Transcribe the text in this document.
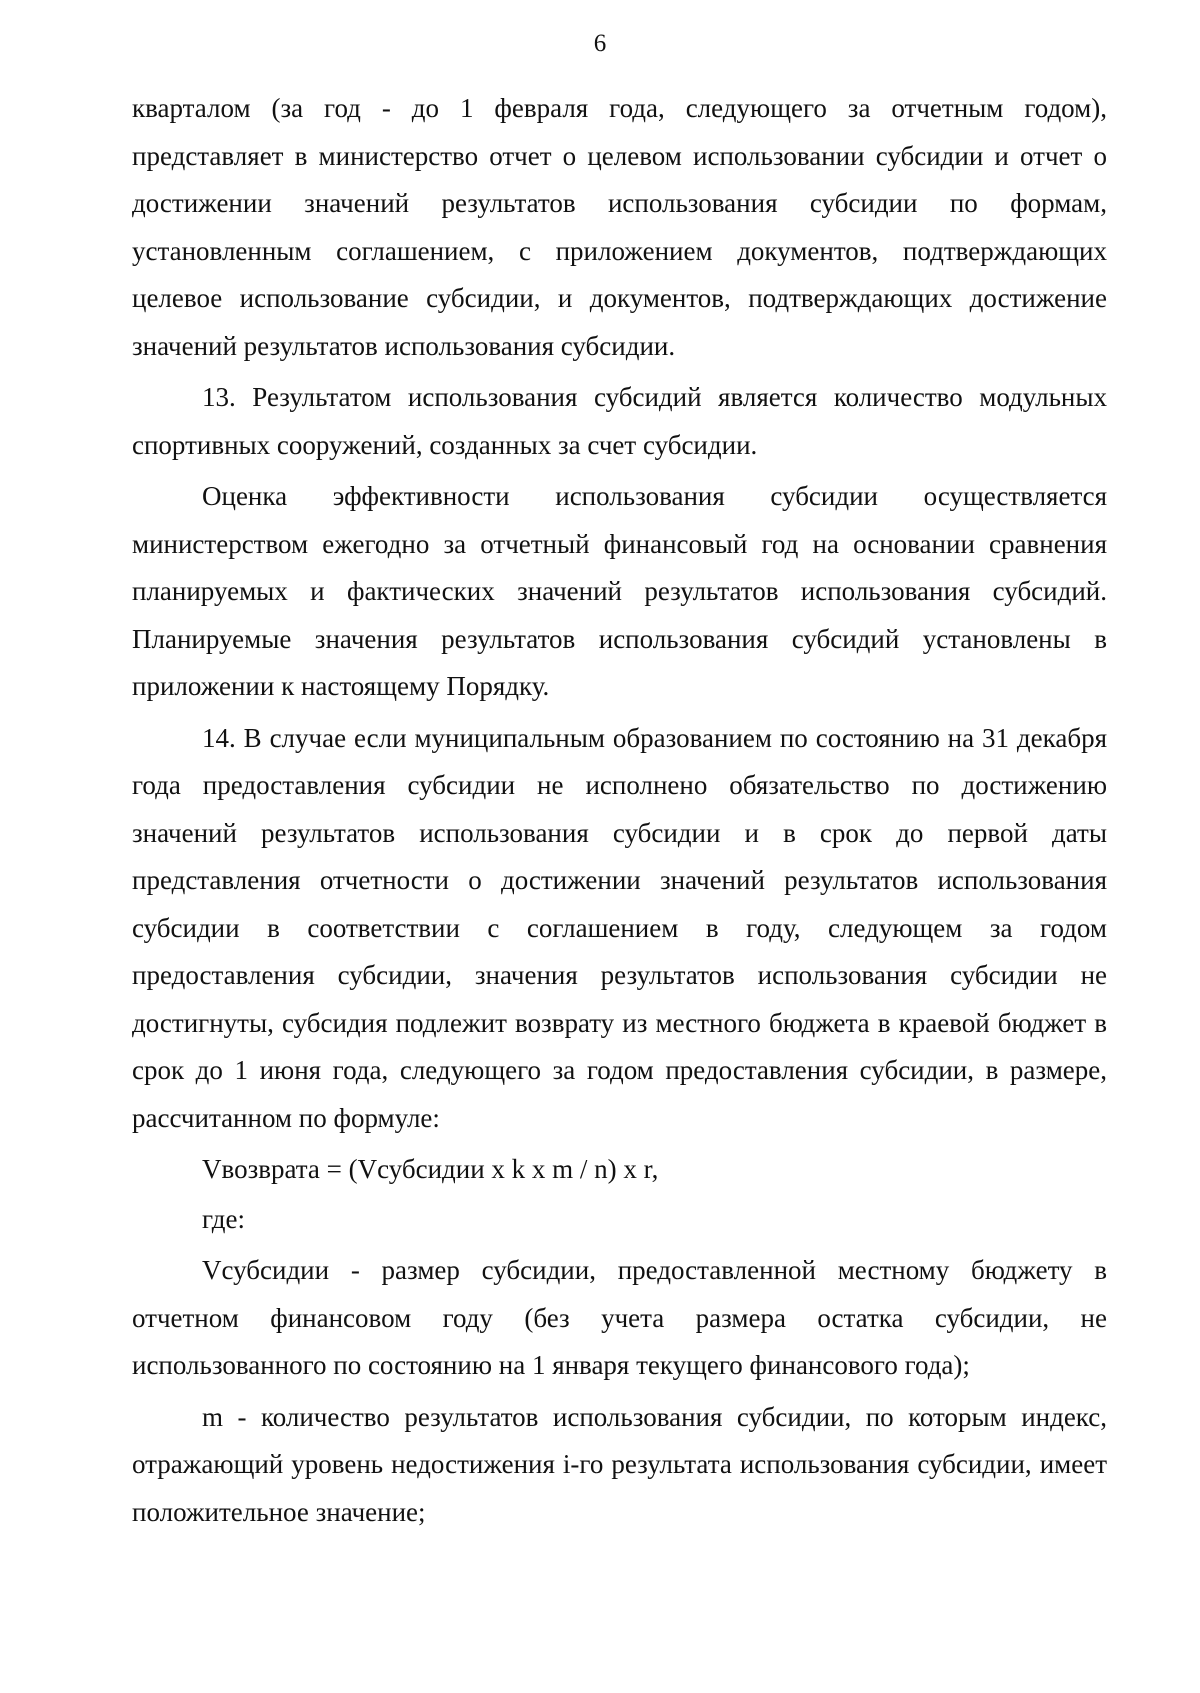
6

кварталом (за год - до 1 февраля года, следующего за отчетным годом), представляет в министерство отчет о целевом использовании субсидии и отчет о достижении значений результатов использования субсидии по формам, установленным соглашением, с приложением документов, подтверждающих целевое использование субсидии, и документов, подтверждающих достижение значений результатов использования субсидии.

13. Результатом использования субсидий является количество модульных спортивных сооружений, созданных за счет субсидии.

Оценка эффективности использования субсидии осуществляется министерством ежегодно за отчетный финансовый год на основании сравнения планируемых и фактических значений результатов использования субсидий. Планируемые значения результатов использования субсидий установлены в приложении к настоящему Порядку.

14. В случае если муниципальным образованием по состоянию на 31 декабря года предоставления субсидии не исполнено обязательство по достижению значений результатов использования субсидии и в срок до первой даты представления отчетности о достижении значений результатов использования субсидии в соответствии с соглашением в году, следующем за годом предоставления субсидии, значения результатов использования субсидии не достигнуты, субсидия подлежит возврату из местного бюджета в краевой бюджет в срок до 1 июня года, следующего за годом предоставления субсидии, в размере, рассчитанном по формуле:

Vвозврата = (Vсубсидии x k x m / n) x r,

где:

Vсубсидии - размер субсидии, предоставленной местному бюджету в отчетном финансовом году (без учета размера остатка субсидии, не использованного по состоянию на 1 января текущего финансового года);

m - количество результатов использования субсидии, по которым индекс, отражающий уровень недостижения i-го результата использования субсидии, имеет положительное значение;
